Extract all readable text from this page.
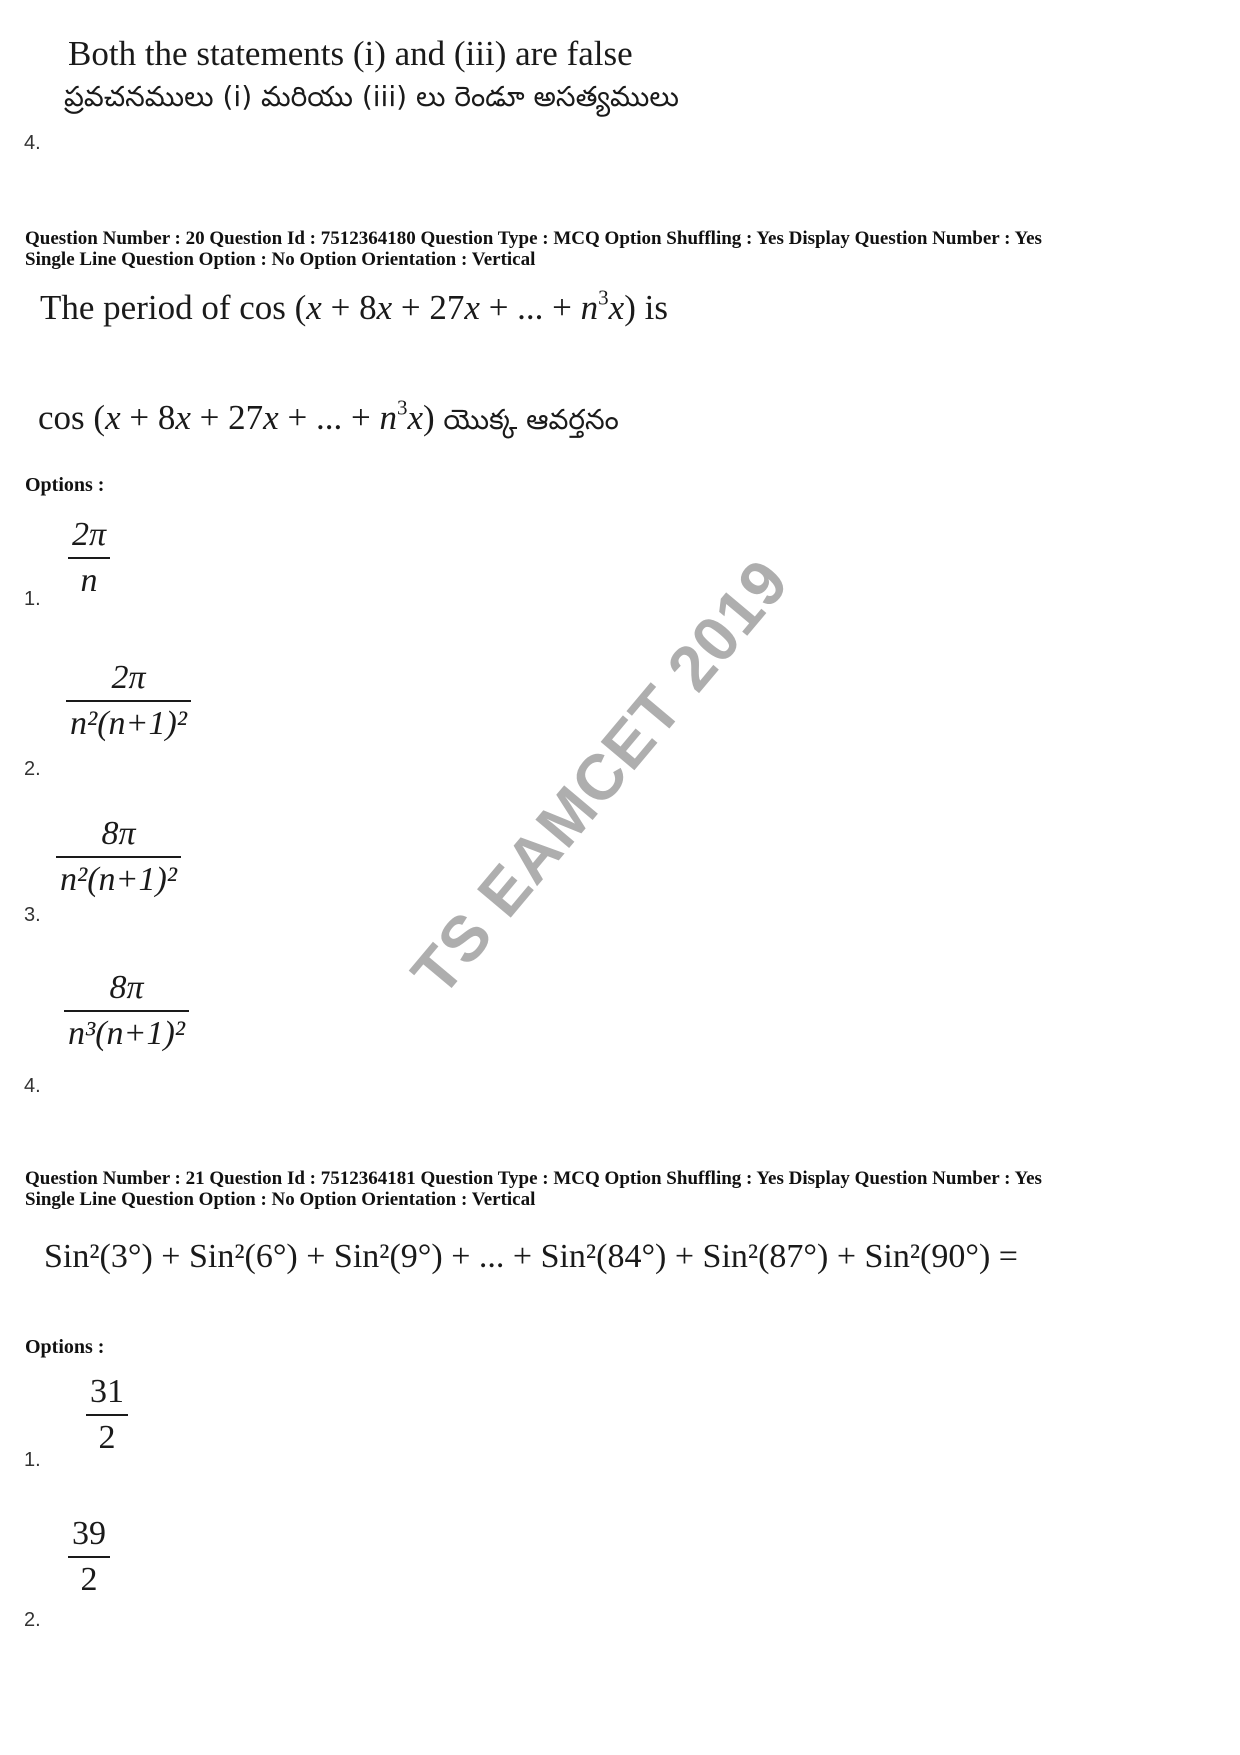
Both the statements (i) and (iii) are false
ప్రవచనములు (i) మరియు (iii) లు రెండూ అసత్యములు
4.
Question Number : 20 Question Id : 7512364180 Question Type : MCQ Option Shuffling : Yes Display Question Number : Yes
Single Line Question Option : No Option Orientation : Vertical
The period of cos (x + 8x + 27x + ... + $n^3x$) is
cos (x + 8x + 27x + ... + $n^3x$) యొక్క ఆవర్తనం
Options :
2π
n
1.
2π
n²(n+1)²
2.
8π
n²(n+1)²
3.
8π
n³(n+1)²
4.
Question Number : 21 Question Id : 7512364181 Question Type : MCQ Option Shuffling : Yes Display Question Number : Yes
Single Line Question Option : No Option Orientation : Vertical
Sin²(3°) + Sin²(6°) + Sin²(9°) + ... + Sin²(84°) + Sin²(87°) + Sin²(90°) =
Options :
31
2
1.
39
2
2.
TS EAMCET 2019
